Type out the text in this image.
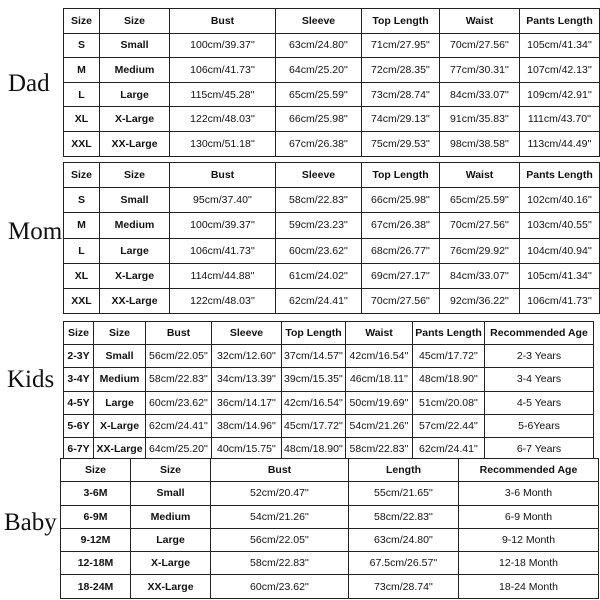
Dad
Size	Size	Bust	Sleeve	Top Length	Waist	Pants Length
S	Small	100cm/39.37''	63cm/24.80''	71cm/27.95''	70cm/27.56''	105cm/41.34''
M	Medium	106cm/41.73''	64cm/25.20''	72cm/28.35''	77cm/30.31''	107cm/42.13''
L	Large	115cm/45.28''	65cm/25.59''	73cm/28.74''	84cm/33.07''	109cm/42.91''
XL	X-Large	122cm/48.03''	66cm/25.98''	74cm/29.13''	91cm/35.83''	111cm/43.70''
XXL	XX-Large	130cm/51.18''	67cm/26.38''	75cm/29.53''	98cm/38.58''	113cm/44.49''
Mom
Size	Size	Bust	Sleeve	Top Length	Waist	Pants Length
S	Small	95cm/37.40''	58cm/22.83''	66cm/25.98''	65cm/25.59''	102cm/40.16''
M	Medium	100cm/39.37''	59cm/23.23''	67cm/26.38''	70cm/27.56''	103cm/40.55''
L	Large	106cm/41.73''	60cm/23.62''	68cm/26.77''	76cm/29.92''	104cm/40.94''
XL	X-Large	114cm/44.88''	61cm/24.02''	69cm/27.17''	84cm/33.07''	105cm/41.34''
XXL	XX-Large	122cm/48.03''	62cm/24.41''	70cm/27.56''	92cm/36.22''	106cm/41.73''
Kids
Size	Size	Bust	Sleeve	Top Length	Waist	Pants Length	Recommended Age
2-3Y	Small	56cm/22.05''	32cm/12.60''	37cm/14.57''	42cm/16.54''	45cm/17.72''	2-3 Years
3-4Y	Medium	58cm/22.83''	34cm/13.39''	39cm/15.35''	46cm/18.11''	48cm/18.90''	3-4 Years
4-5Y	Large	60cm/23.62''	36cm/14.17''	42cm/16.54''	50cm/19.69''	51cm/20.08''	4-5 Years
5-6Y	X-Large	62cm/24.41''	38cm/14.96''	45cm/17.72''	54cm/21.26''	57cm/22.44''	5-6Years
6-7Y	XX-Large	64cm/25.20''	40cm/15.75''	48cm/18.90''	58cm/22.83''	62cm/24.41''	6-7 Years
Baby
Size	Size	Bust	Length	Recommended Age
3-6M	Small	52cm/20.47''	55cm/21.65''	3-6 Month
6-9M	Medium	54cm/21.26''	58cm/22.83''	6-9 Month
9-12M	Large	56cm/22.05''	63cm/24.80''	9-12 Month
12-18M	X-Large	58cm/22.83''	67.5cm/26.57''	12-18 Month
18-24M	XX-Large	60cm/23.62''	73cm/28.74''	18-24 Month
